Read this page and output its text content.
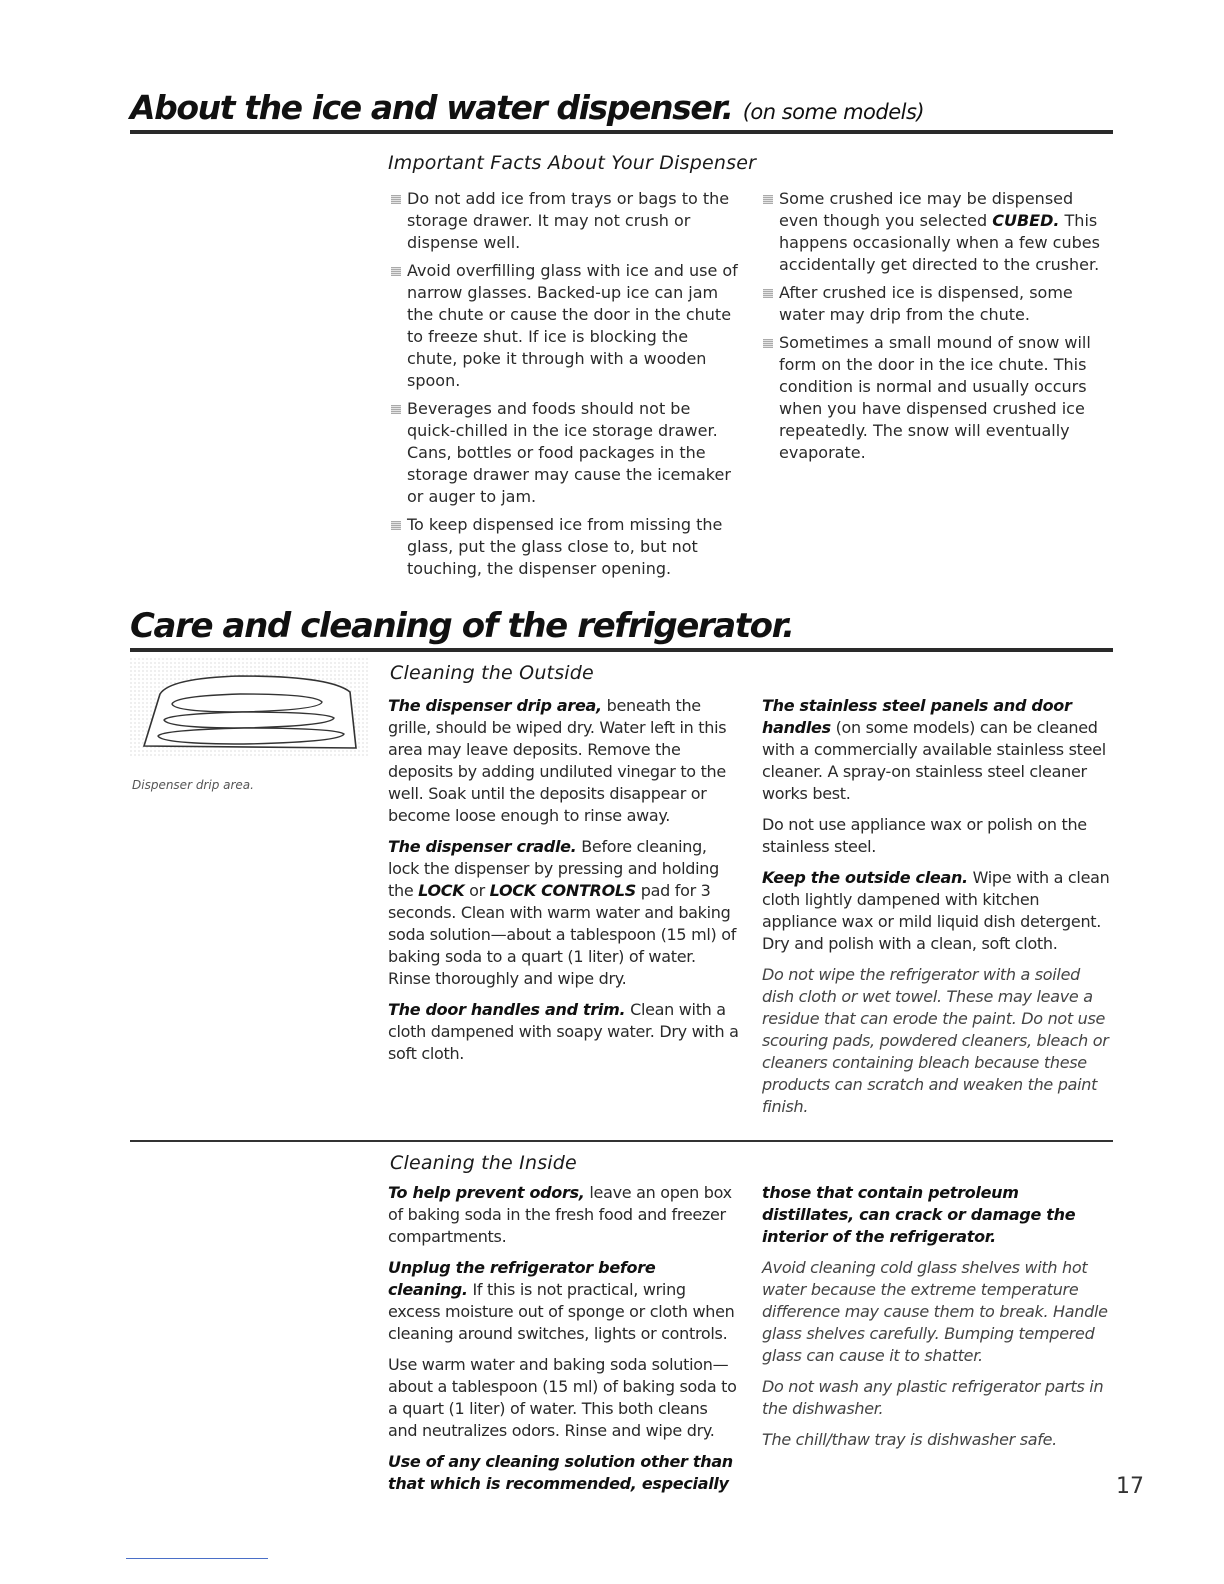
About the ice and water dispenser. (on some models)
Important Facts About Your Dispenser
Do not add ice from trays or bags to the storage drawer. It may not crush or dispense well.
Avoid overfilling glass with ice and use of narrow glasses. Backed-up ice can jam the chute or cause the door in the chute to freeze shut. If ice is blocking the chute, poke it through with a wooden spoon.
Beverages and foods should not be quick-chilled in the ice storage drawer. Cans, bottles or food packages in the storage drawer may cause the icemaker or auger to jam.
To keep dispensed ice from missing the glass, put the glass close to, but not touching, the dispenser opening.
Some crushed ice may be dispensed even though you selected CUBED. This happens occasionally when a few cubes accidentally get directed to the crusher.
After crushed ice is dispensed, some water may drip from the chute.
Sometimes a small mound of snow will form on the door in the ice chute. This condition is normal and usually occurs when you have dispensed crushed ice repeatedly. The snow will eventually evaporate.
Care and cleaning of the refrigerator.
Dispenser drip area.
Cleaning the Outside

The dispenser drip area, beneath the grille, should be wiped dry. Water left in this area may leave deposits. Remove the deposits by adding undiluted vinegar to the well. Soak until the deposits disappear or become loose enough to rinse away.

The dispenser cradle. Before cleaning, lock the dispenser by pressing and holding the LOCK or LOCK CONTROLS pad for 3 seconds. Clean with warm water and baking soda solution—about a tablespoon (15 ml) of baking soda to a quart (1 liter) of water. Rinse thoroughly and wipe dry.

The door handles and trim. Clean with a cloth dampened with soapy water. Dry with a soft cloth.

The stainless steel panels and door handles (on some models) can be cleaned with a commercially available stainless steel cleaner. A spray-on stainless steel cleaner works best.

Do not use appliance wax or polish on the stainless steel.

Keep the outside clean. Wipe with a clean cloth lightly dampened with kitchen appliance wax or mild liquid dish detergent. Dry and polish with a clean, soft cloth.

Do not wipe the refrigerator with a soiled dish cloth or wet towel. These may leave a residue that can erode the paint. Do not use scouring pads, powdered cleaners, bleach or cleaners containing bleach because these products can scratch and weaken the paint finish.

Cleaning the Inside

To help prevent odors, leave an open box of baking soda in the fresh food and freezer compartments.

Unplug the refrigerator before cleaning. If this is not practical, wring excess moisture out of sponge or cloth when cleaning around switches, lights or controls.

Use warm water and baking soda solution—about a tablespoon (15 ml) of baking soda to a quart (1 liter) of water. This both cleans and neutralizes odors. Rinse and wipe dry.

Use of any cleaning solution other than that which is recommended, especially

those that contain petroleum distillates, can crack or damage the interior of the refrigerator.

Avoid cleaning cold glass shelves with hot water because the extreme temperature difference may cause them to break. Handle glass shelves carefully. Bumping tempered glass can cause it to shatter.

Do not wash any plastic refrigerator parts in the dishwasher.

The chill/thaw tray is dishwasher safe.

17
